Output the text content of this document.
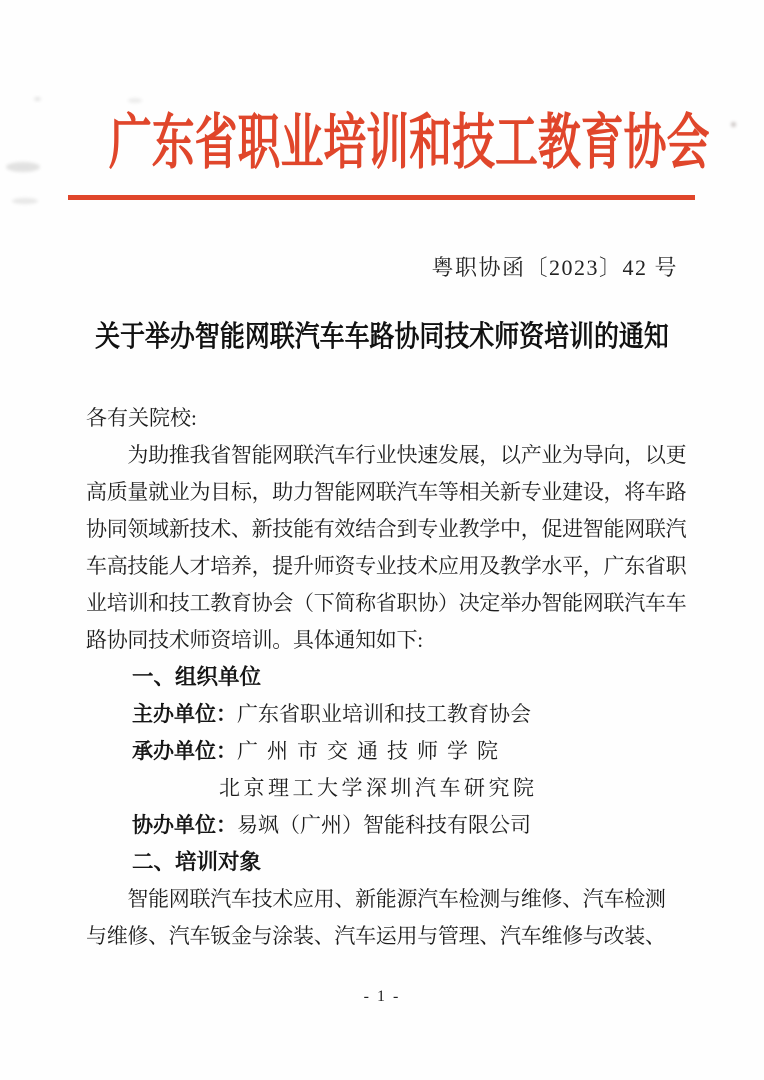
广东省职业培训和技工教育协会
粤职协函〔2023〕42 号
关于举办智能网联汽车车路协同技术师资培训的通知
各有关院校:
　　为助推我省智能网联汽车行业快速发展，以产业为导向，以更
高质量就业为目标，助力智能网联汽车等相关新专业建设，将车路
协同领域新技术、新技能有效结合到专业教学中，促进智能网联汽
车高技能人才培养，提升师资专业技术应用及教学水平，广东省职
业培训和技工教育协会（下简称省职协）决定举办智能网联汽车车
路协同技术师资培训。具体通知如下:
一、组织单位
主办单位：广东省职业培训和技工教育协会
承办单位：广州市交通技师学院
北京理工大学深圳汽车研究院
协办单位：易飒（广州）智能科技有限公司
二、培训对象
　　智能网联汽车技术应用、新能源汽车检测与维修、汽车检测
与维修、汽车钣金与涂装、汽车运用与管理、汽车维修与改装、
- 1 -
